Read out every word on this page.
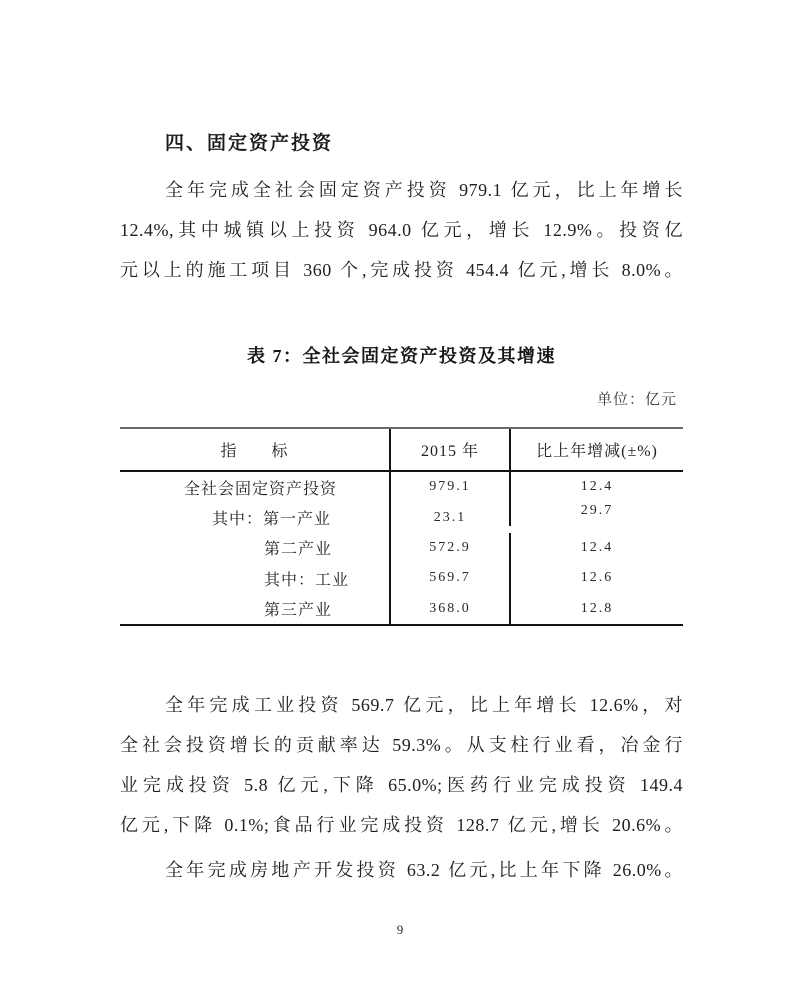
四、固定资产投资
全年完成全社会固定资产投资 979.1 亿元，比上年增长
12.4%,其中城镇以上投资 964.0 亿元，增长 12.9%。投资亿
元以上的施工项目 360 个,完成投资 454.4 亿元,增长 8.0%。
表 7：全社会固定资产投资及其增速
单位：亿元
指　　标	2015 年	比上年增减(±%)
全社会固定资产投资	979.1	12.4
其中：第一产业	23.1	29.7
第二产业	572.9	12.4
其中：工业	569.7	12.6
第三产业	368.0	12.8
全年完成工业投资 569.7 亿元，比上年增长 12.6%，对
全社会投资增长的贡献率达 59.3%。从支柱行业看，冶金行
业完成投资 5.8 亿元,下降 65.0%;医药行业完成投资 149.4
亿元,下降 0.1%;食品行业完成投资 128.7 亿元,增长 20.6%。
全年完成房地产开发投资 63.2 亿元,比上年下降 26.0%。
9
